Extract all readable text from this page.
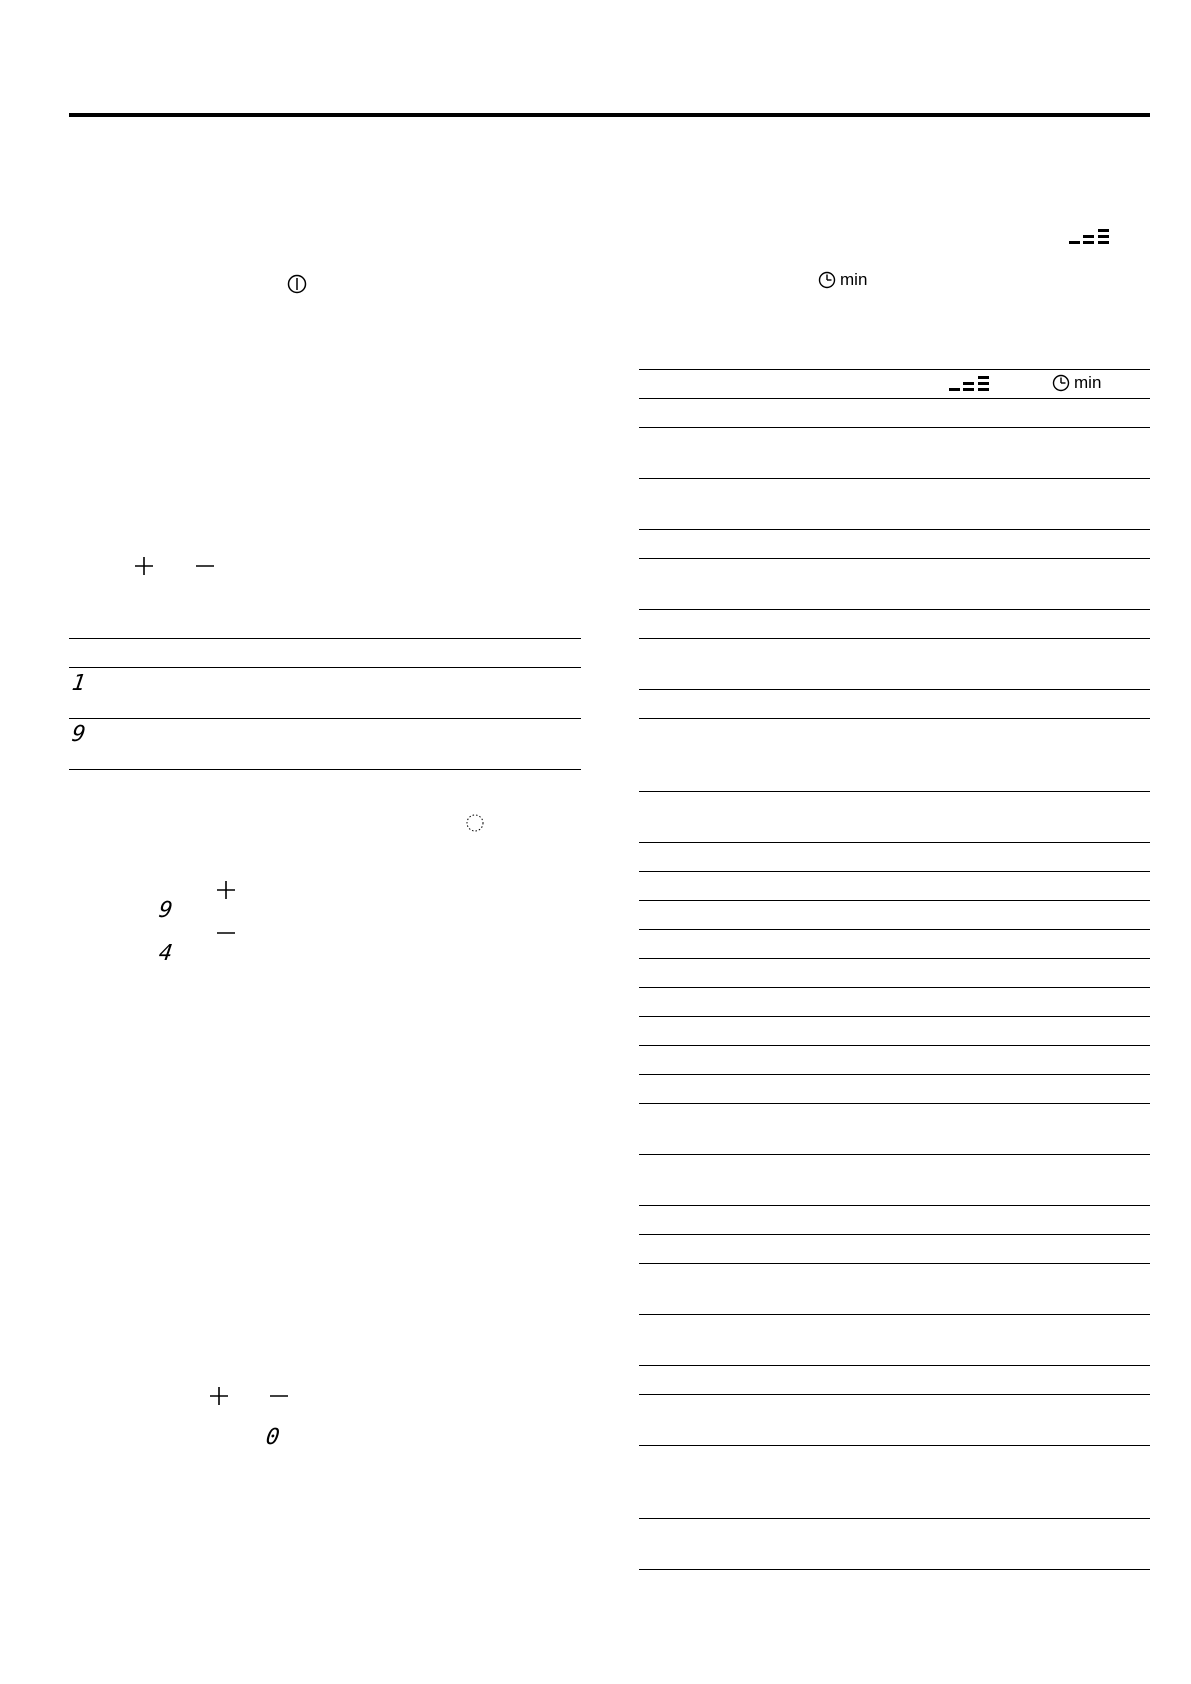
1
9
9
4
0
min
min
